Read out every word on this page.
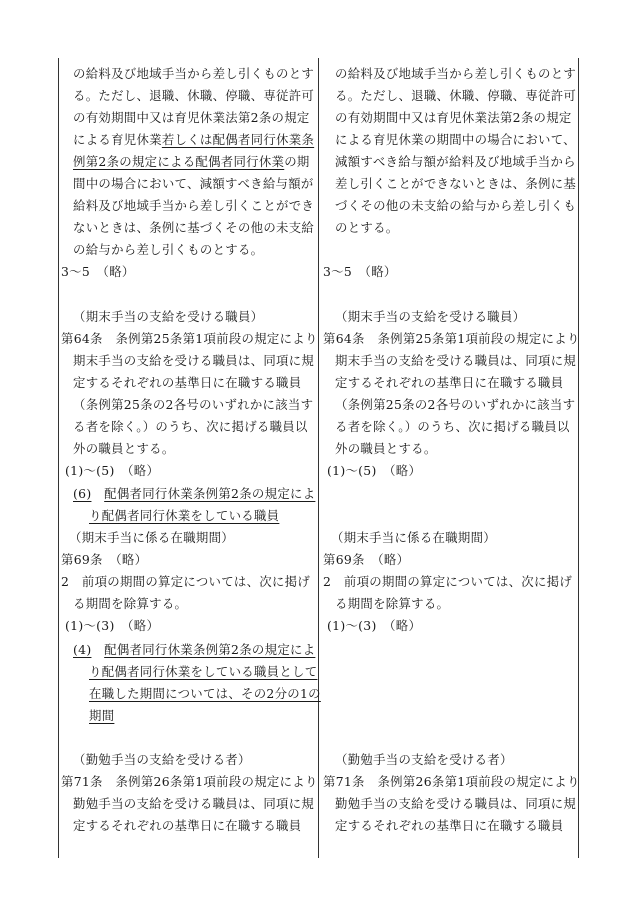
の給料及び地域手当から差し引くものとす
る。ただし、退職、休職、停職、専従許可
の有効期間中又は育児休業法第2条の規定
による育児休業若しくは配偶者同行休業条
例第2条の規定による配偶者同行休業の期
間中の場合において、減額すべき給与額が
給料及び地域手当から差し引くことができ
ないときは、条例に基づくその他の未支給
の給与から差し引くものとする。
3〜5　（略）
（期末手当の支給を受ける職員）
第64条　条例第25条第1項前段の規定により
期末手当の支給を受ける職員は、同項に規
定するそれぞれの基準日に在職する職員
（条例第25条の2各号のいずれかに該当す
る者を除く。）のうち、次に掲げる職員以
外の職員とする。
(1)〜(5)　（略）
(6)　 配偶者同行休業条例第2条の規定によ
り配偶者同行休業をしている職員
（期末手当に係る在職期間）
第69条　（略）
2　前項の期間の算定については、次に掲げ
る期間を除算する。
(1)〜(3)　（略）
(4)　 配偶者同行休業条例第2条の規定によ
り配偶者同行休業をしている職員として
在職した期間については、その2分の1の
期間
（勤勉手当の支給を受ける者）
第71条　条例第26条第1項前段の規定により
勤勉手当の支給を受ける職員は、同項に規
定するそれぞれの基準日に在職する職員
の給料及び地域手当から差し引くものとす
る。ただし、退職、休職、停職、専従許可
の有効期間中又は育児休業法第2条の規定
による育児休業の期間中の場合において、
減額すべき給与額が給料及び地域手当から
差し引くことができないときは、条例に基
づくその他の未支給の給与から差し引くも
のとする。
3〜5　（略）
（期末手当の支給を受ける職員）
第64条　条例第25条第1項前段の規定により
期末手当の支給を受ける職員は、同項に規
定するそれぞれの基準日に在職する職員
（条例第25条の2各号のいずれかに該当す
る者を除く。）のうち、次に掲げる職員以
外の職員とする。
(1)〜(5)　（略）
（期末手当に係る在職期間）
第69条　（略）
2　前項の期間の算定については、次に掲げ
る期間を除算する。
(1)〜(3)　（略）
（勤勉手当の支給を受ける者）
第71条　条例第26条第1項前段の規定により
勤勉手当の支給を受ける職員は、同項に規
定するそれぞれの基準日に在職する職員
